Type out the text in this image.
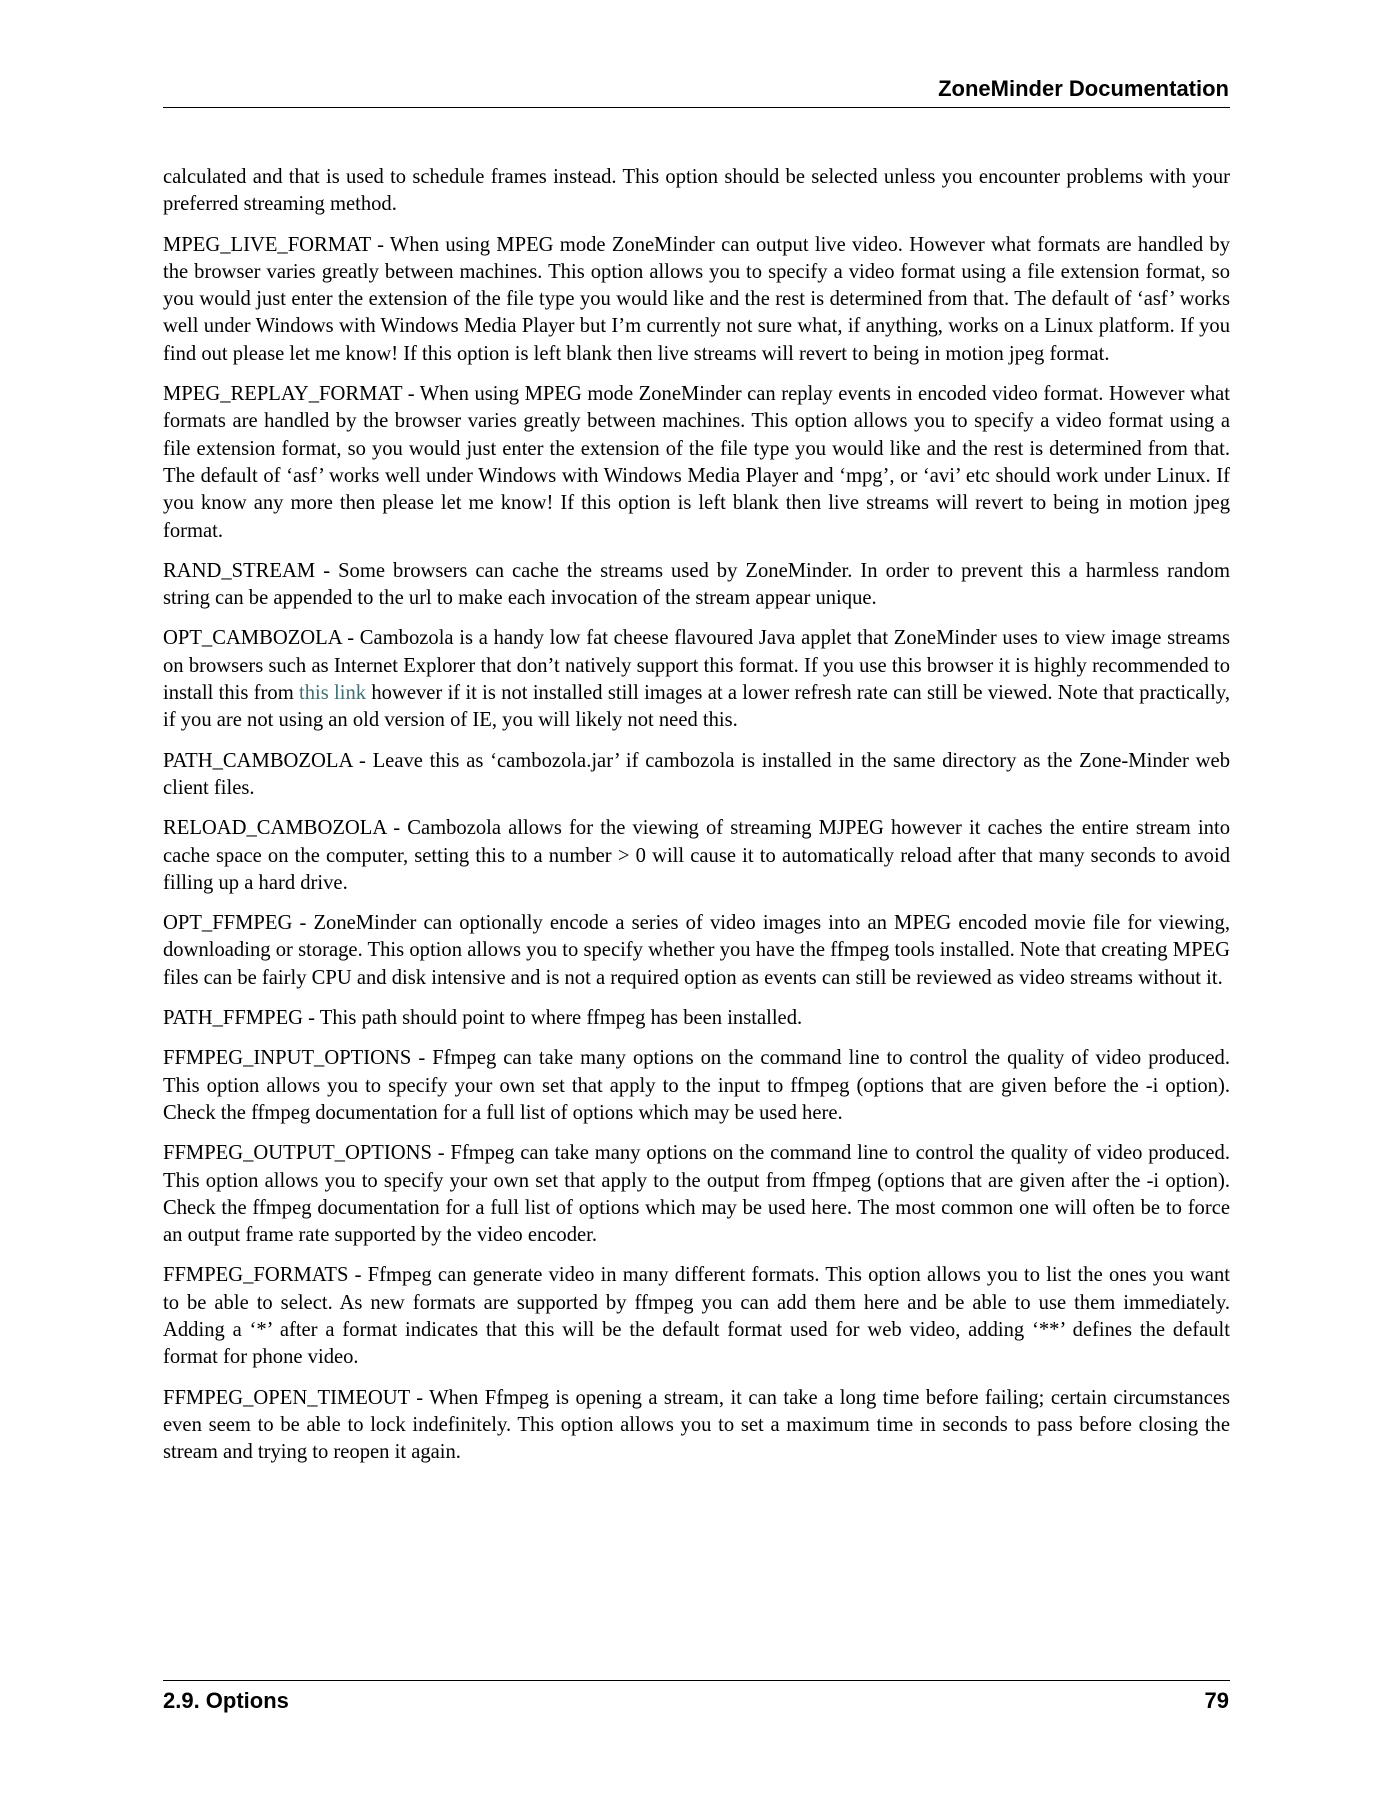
ZoneMinder Documentation

calculated and that is used to schedule frames instead. This option should be selected unless you encounter problems with your preferred streaming method.

MPEG_LIVE_FORMAT - When using MPEG mode ZoneMinder can output live video. However what formats are handled by the browser varies greatly between machines. This option allows you to specify a video format using a file extension format, so you would just enter the extension of the file type you would like and the rest is determined from that. The default of ‘asf’ works well under Windows with Windows Media Player but I’m currently not sure what, if anything, works on a Linux platform. If you find out please let me know! If this option is left blank then live streams will revert to being in motion jpeg format.

MPEG_REPLAY_FORMAT - When using MPEG mode ZoneMinder can replay events in encoded video format. However what formats are handled by the browser varies greatly between machines. This option allows you to specify a video format using a file extension format, so you would just enter the extension of the file type you would like and the rest is determined from that. The default of ‘asf’ works well under Windows with Windows Media Player and ‘mpg’, or ‘avi’ etc should work under Linux. If you know any more then please let me know! If this option is left blank then live streams will revert to being in motion jpeg format.

RAND_STREAM - Some browsers can cache the streams used by ZoneMinder. In order to prevent this a harmless random string can be appended to the url to make each invocation of the stream appear unique.

OPT_CAMBOZOLA - Cambozola is a handy low fat cheese flavoured Java applet that ZoneMinder uses to view image streams on browsers such as Internet Explorer that don’t natively support this format. If you use this browser it is highly recommended to install this from this link however if it is not installed still images at a lower refresh rate can still be viewed. Note that practically, if you are not using an old version of IE, you will likely not need this.

PATH_CAMBOZOLA - Leave this as ‘cambozola.jar’ if cambozola is installed in the same directory as the Zone-Minder web client files.

RELOAD_CAMBOZOLA - Cambozola allows for the viewing of streaming MJPEG however it caches the entire stream into cache space on the computer, setting this to a number > 0 will cause it to automatically reload after that many seconds to avoid filling up a hard drive.

OPT_FFMPEG - ZoneMinder can optionally encode a series of video images into an MPEG encoded movie file for viewing, downloading or storage. This option allows you to specify whether you have the ffmpeg tools installed. Note that creating MPEG files can be fairly CPU and disk intensive and is not a required option as events can still be reviewed as video streams without it.

PATH_FFMPEG - This path should point to where ffmpeg has been installed.

FFMPEG_INPUT_OPTIONS - Ffmpeg can take many options on the command line to control the quality of video produced. This option allows you to specify your own set that apply to the input to ffmpeg (options that are given before the -i option). Check the ffmpeg documentation for a full list of options which may be used here.

FFMPEG_OUTPUT_OPTIONS - Ffmpeg can take many options on the command line to control the quality of video produced. This option allows you to specify your own set that apply to the output from ffmpeg (options that are given after the -i option). Check the ffmpeg documentation for a full list of options which may be used here. The most common one will often be to force an output frame rate supported by the video encoder.

FFMPEG_FORMATS - Ffmpeg can generate video in many different formats. This option allows you to list the ones you want to be able to select. As new formats are supported by ffmpeg you can add them here and be able to use them immediately. Adding a ‘*’ after a format indicates that this will be the default format used for web video, adding ‘**’ defines the default format for phone video.

FFMPEG_OPEN_TIMEOUT - When Ffmpeg is opening a stream, it can take a long time before failing; certain circumstances even seem to be able to lock indefinitely. This option allows you to set a maximum time in seconds to pass before closing the stream and trying to reopen it again.

2.9. Options	79
